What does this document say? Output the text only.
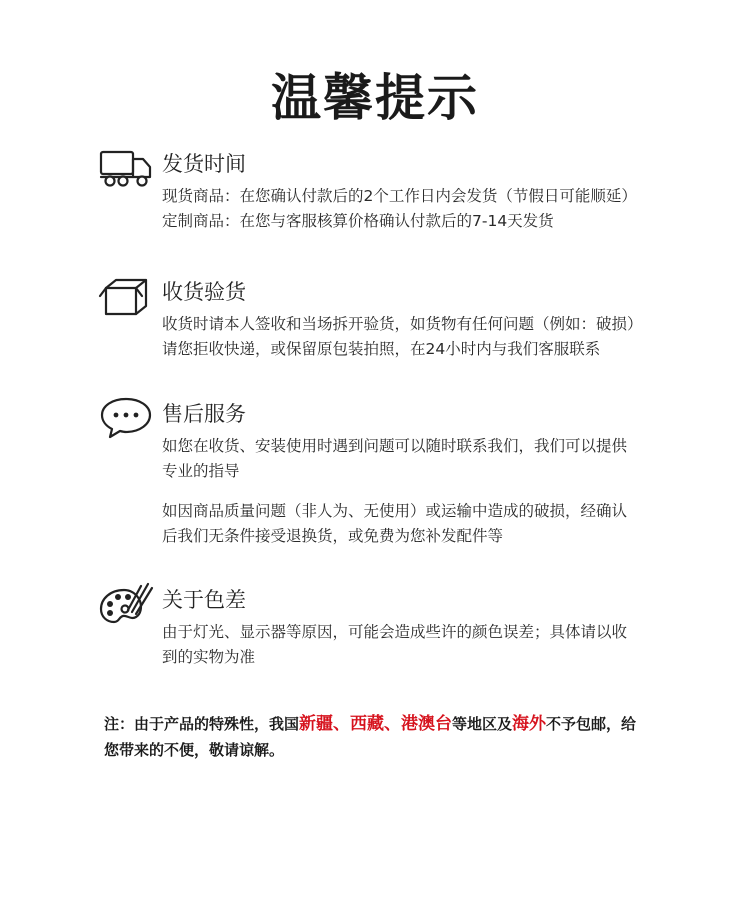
温馨提示
发货时间
现货商品：在您确认付款后的2个工作日内会发货（节假日可能顺延）
定制商品：在您与客服核算价格确认付款后的7-14天发货
收货验货
收货时请本人签收和当场拆开验货，如货物有任何问题（例如：破损）
请您拒收快递，或保留原包装拍照，在24小时内与我们客服联系
售后服务
如您在收货、安装使用时遇到问题可以随时联系我们，我们可以提供
专业的指导
如因商品质量问题（非人为、无使用）或运输中造成的破损，经确认
后我们无条件接受退换货，或免费为您补发配件等
关于色差
由于灯光、显示器等原因，可能会造成些许的颜色误差；具体请以收
到的实物为准
注：由于产品的特殊性，我国新疆、西藏、港澳台等地区及海外不予包邮，给
您带来的不便，敬请谅解。
